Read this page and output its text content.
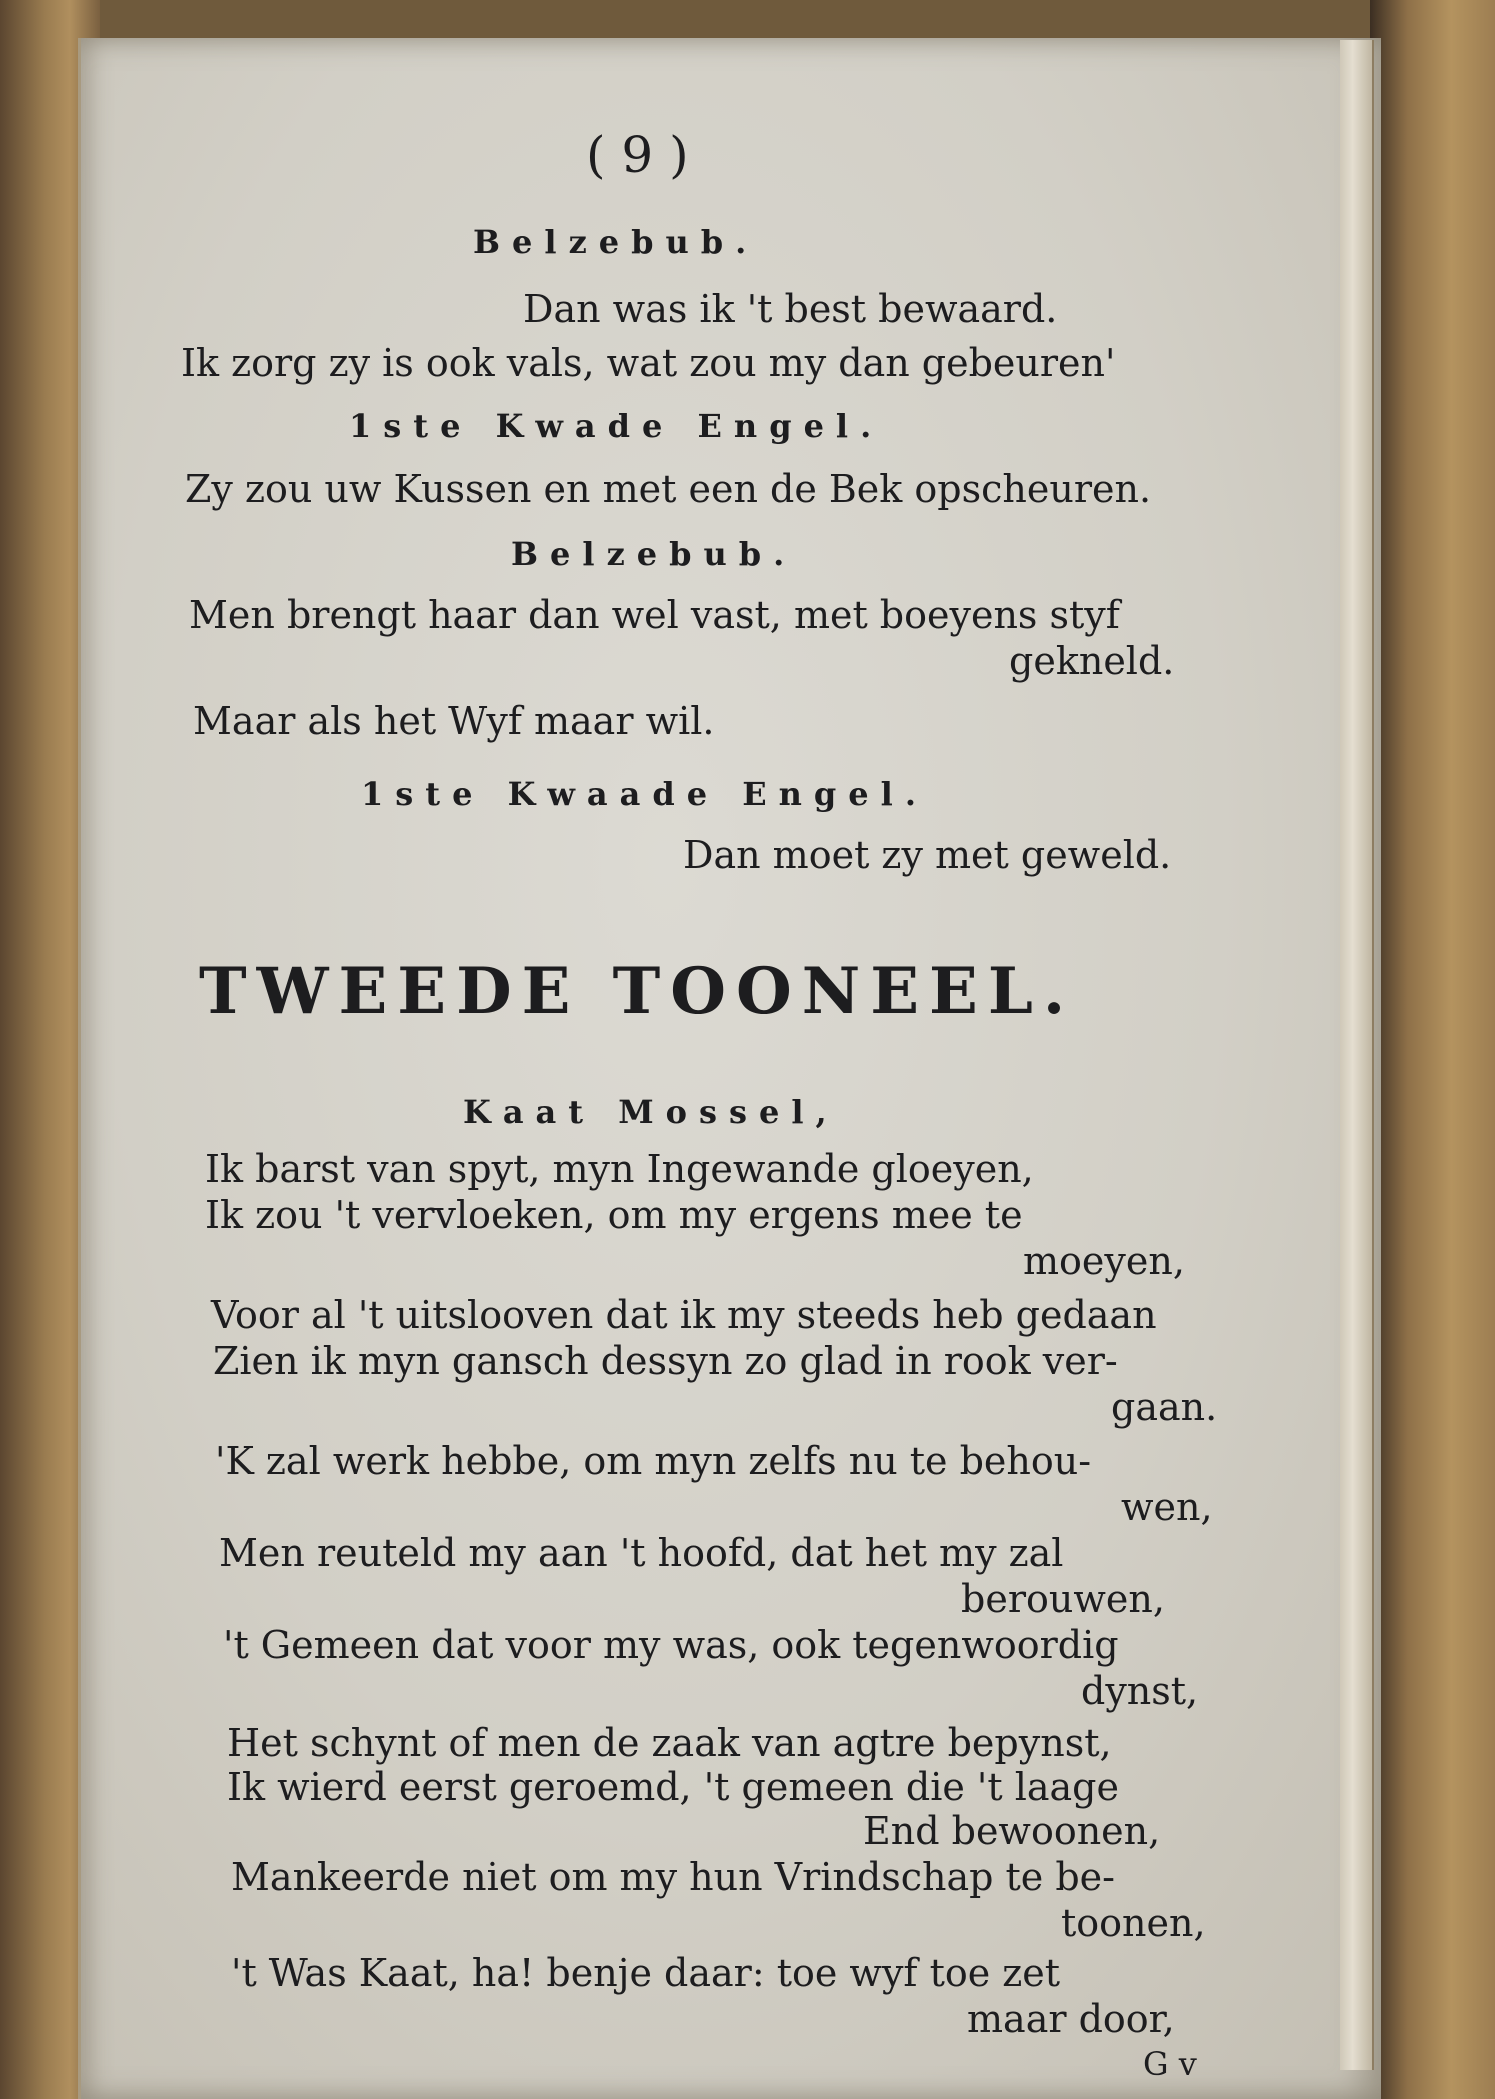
( 9 )

Belzebub.

Dan was ik 't best bewaard.

Ik zorg zy is ook vals, wat zou my dan gebeuren'

1ste Kwade Engel.

Zy zou uw Kussen en met een de Bek opscheuren.

Belzebub.

Men brengt haar dan wel vast, met boeyens styf

gekneld.

Maar als het Wyf maar wil.

1ste Kwaade Engel.

Dan moet zy met geweld.

TWEEDE TOONEEL.

Kaat Mossel,

Ik barst van spyt, myn Ingewande gloeyen,

Ik zou 't vervloeken, om my ergens mee te

moeyen,

Voor al 't uitslooven dat ik my steeds heb gedaan

Zien ik myn gansch dessyn zo glad in rook ver-

gaan.

'K zal werk hebbe, om myn zelfs nu te behou-

wen,

Men reuteld my aan 't hoofd, dat het my zal

berouwen,

't Gemeen dat voor my was, ook tegenwoordig

dynst,

Het schynt of men de zaak van agtre bepynst,

Ik wierd eerst geroemd, 't gemeen die 't laage

End bewoonen,

Mankeerde niet om my hun Vrindschap te be-

toonen,

't Was Kaat, ha! benje daar: toe wyf toe zet

maar door,

G v
